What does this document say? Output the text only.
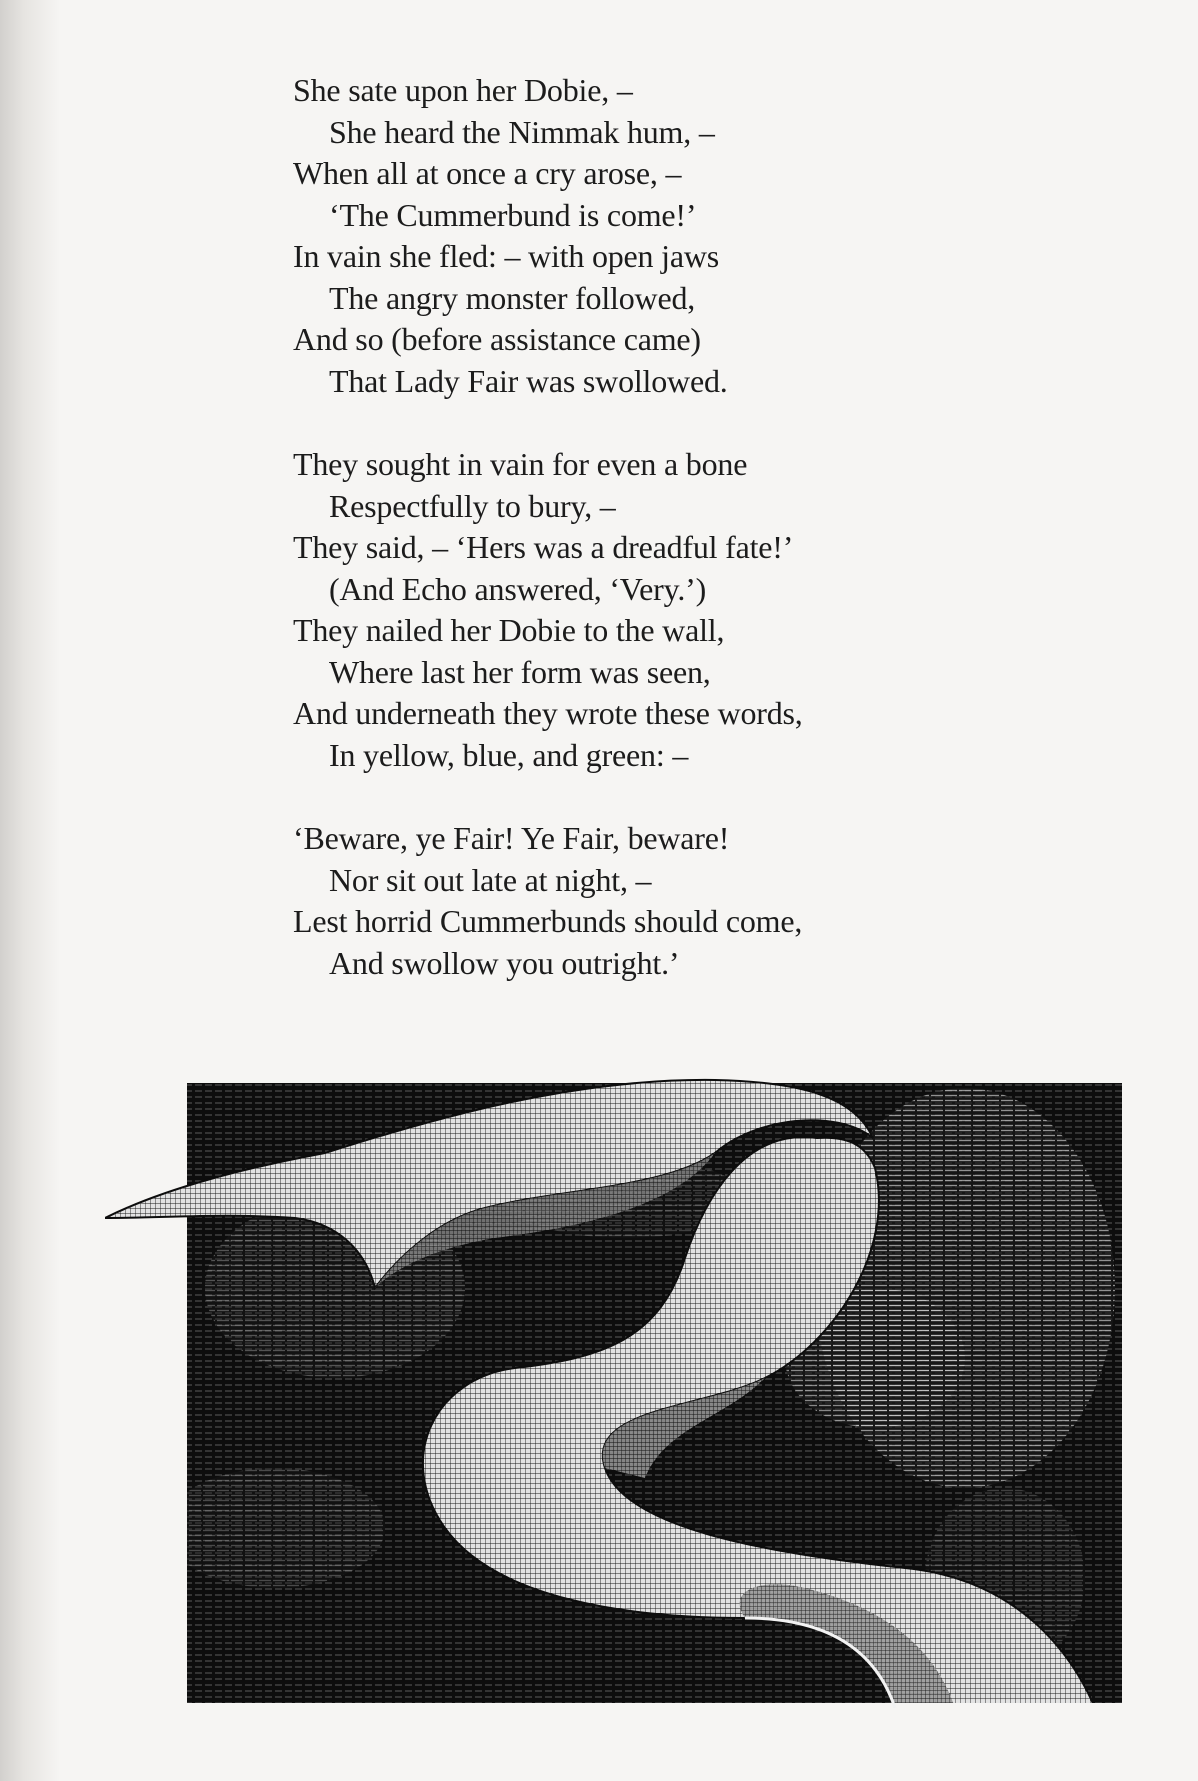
She sate upon her Dobie, –
She heard the Nimmak hum, –
When all at once a cry arose, –
‘The Cummerbund is come!’
In vain she fled: – with open jaws
The angry monster followed,
And so (before assistance came)
That Lady Fair was swollowed.
They sought in vain for even a bone
Respectfully to bury, –
They said, – ‘Hers was a dreadful fate!’
(And Echo answered, ‘Very.’)
They nailed her Dobie to the wall,
Where last her form was seen,
And underneath they wrote these words,
In yellow, blue, and green: –
‘Beware, ye Fair! Ye Fair, beware!
Nor sit out late at night, –
Lest horrid Cummerbunds should come,
And swollow you outright.’
